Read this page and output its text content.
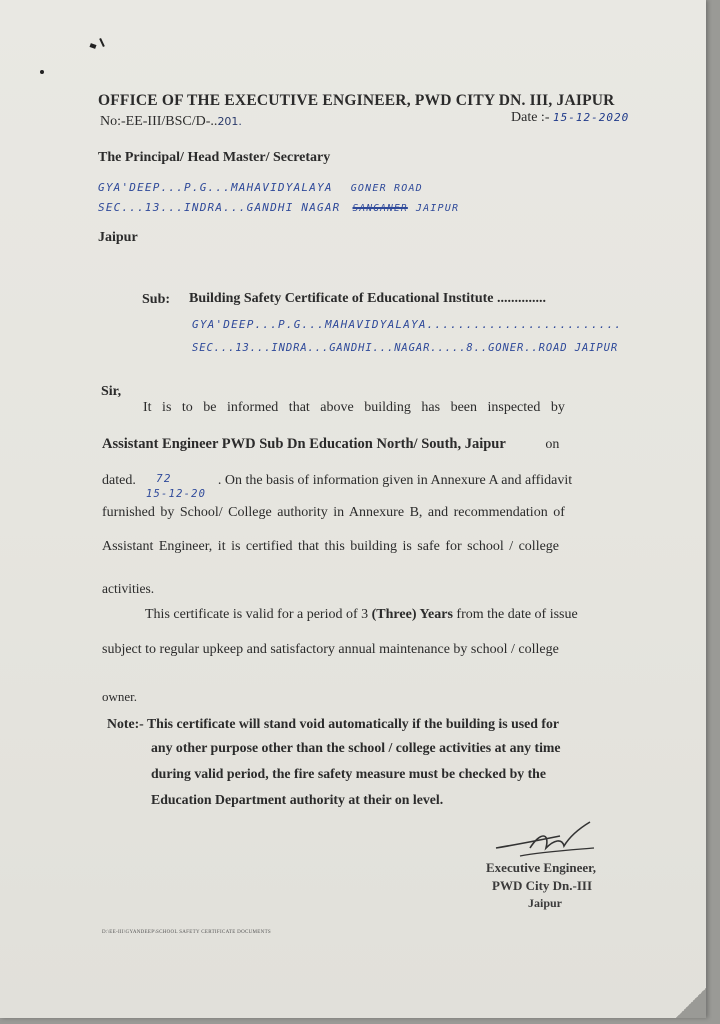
OFFICE OF THE EXECUTIVE ENGINEER, PWD CITY DN. III, JAIPUR
No:-EE-III/BSC/D-..201.	Date :- 15-12-2020
The Principal/ Head Master/ Secretary
GYA'DEEP...P.G...MAHAVIDYALAYA GONER ROAD
SEC...13...INDRA...GANDHI NAGAR SANGANER JAIPUR
Jaipur
Sub: Building Safety Certificate of Educational Institute ..............
GYA'DEEP...P.G...MAHAVIDYALAYA.........................
SEC...13...INDRA...GANDHI...NAGAR.....8..GONER..ROAD JAIPUR
Sir,
It is to be informed that above building has been inspected by
Assistant Engineer PWD Sub Dn Education North/ South, Jaipur	on
dated.	. On the basis of information given in Annexure A and affidavit
72
15-12-20
furnished by School/ College authority in Annexure B, and recommendation of
Assistant Engineer, it is certified that this building is safe for school / college
activities.
This certificate is valid for a period of 3 (Three) Years from the date of issue
subject to regular upkeep and satisfactory annual maintenance by school / college
owner.
Note:- This certificate will stand void automatically if the building is used for
any other purpose other than the school / college activities at any time
during valid period, the fire safety measure must be checked by the
Education Department authority at their on level.
Executive Engineer,
PWD City Dn.-III
Jaipur
D:\EE-III\GYANDEEP\SCHOOL SAFETY CERTIFICATE DOCUMENTS
